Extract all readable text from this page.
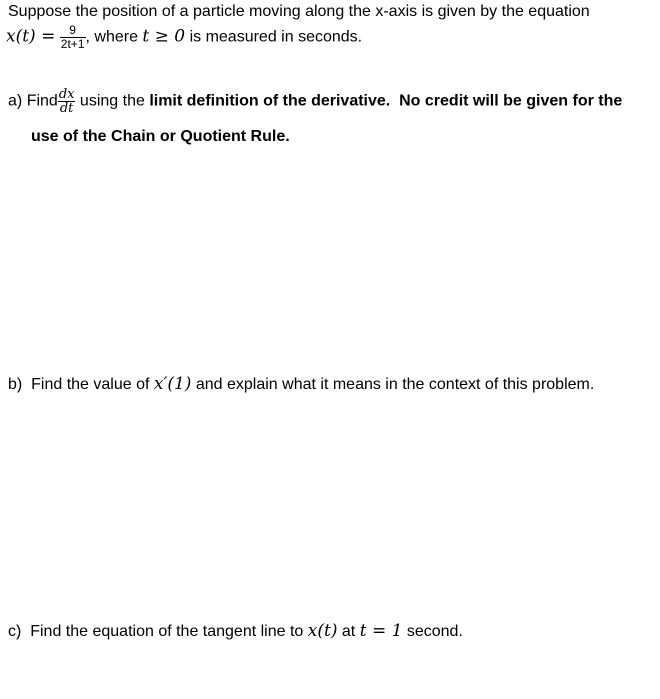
Suppose the position of a particle moving along the x-axis is given by the equation
$x(t) = \frac{9}{2t+1}$ , where t ≥ 0 is measured in seconds.
a) Find $\frac{dx}{dt}$ using the limit definition of the derivative. No credit will be given for the
use of the Chain or Quotient Rule.
b) Find the value of x′(1) and explain what it means in the context of this problem.
c) Find the equation of the tangent line to x(t) at t = 1 second.
